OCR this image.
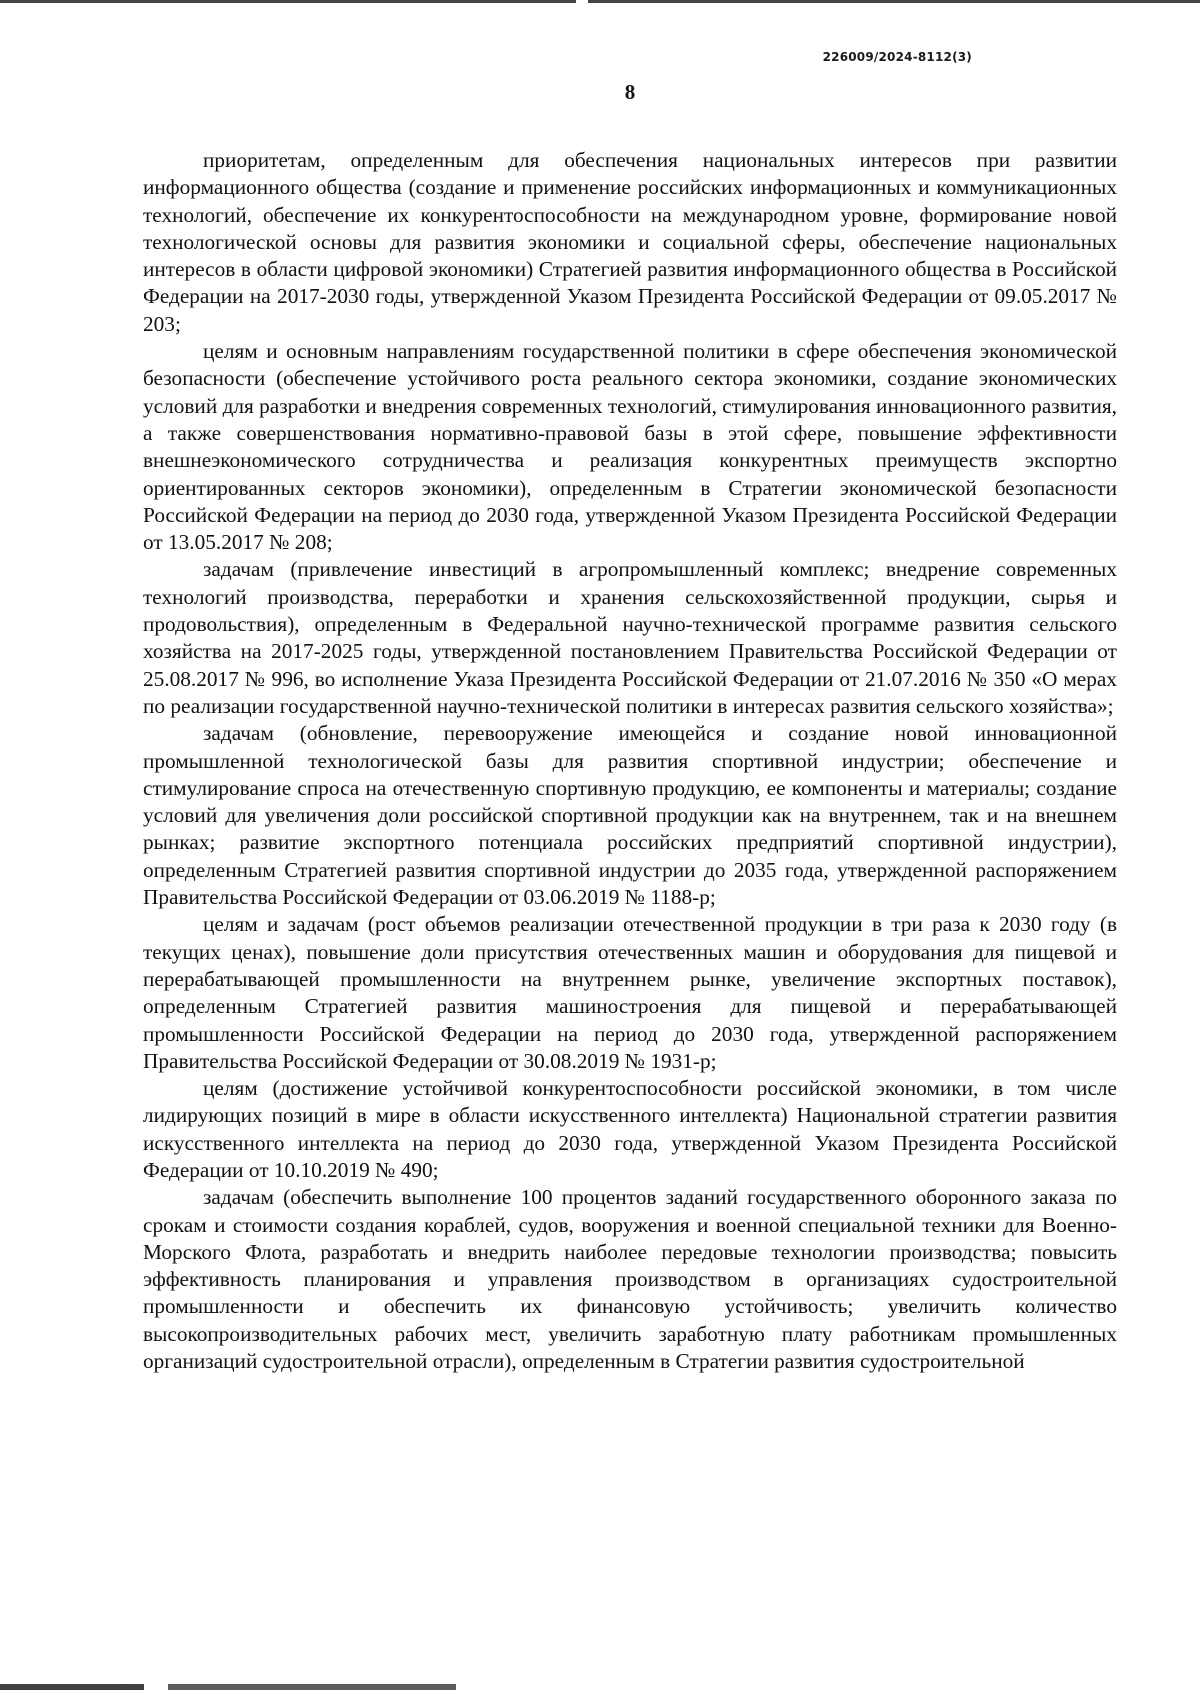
226009/2024-8112(3)
8

приоритетам, определенным для обеспечения национальных интересов при развитии информационного общества (создание и применение российских информационных и коммуникационных технологий, обеспечение их конкурентоспособности на международном уровне, формирование новой технологической основы для развития экономики и социальной сферы, обеспечение национальных интересов в области цифровой экономики) Стратегией развития информационного общества в Российской Федерации на 2017-2030 годы, утвержденной Указом Президента Российской Федерации от 09.05.2017 № 203;

целям и основным направлениям государственной политики в сфере обеспечения экономической безопасности (обеспечение устойчивого роста реального сектора экономики, создание экономических условий для разработки и внедрения современных технологий, стимулирования инновационного развития, а также совершенствования нормативно-правовой базы в этой сфере, повышение эффективности внешнеэкономического сотрудничества и реализация конкурентных преимуществ экспортно ориентированных секторов экономики), определенным в Стратегии экономической безопасности Российской Федерации на период до 2030 года, утвержденной Указом Президента Российской Федерации от 13.05.2017 № 208;

задачам (привлечение инвестиций в агропромышленный комплекс; внедрение современных технологий производства, переработки и хранения сельскохозяйственной продукции, сырья и продовольствия), определенным в Федеральной научно-технической программе развития сельского хозяйства на 2017-2025 годы, утвержденной постановлением Правительства Российской Федерации от 25.08.2017 № 996, во исполнение Указа Президента Российской Федерации от 21.07.2016 № 350 «О мерах по реализации государственной научно-технической политики в интересах развития сельского хозяйства»;

задачам (обновление, перевооружение имеющейся и создание новой инновационной промышленной технологической базы для развития спортивной индустрии; обеспечение и стимулирование спроса на отечественную спортивную продукцию, ее компоненты и материалы; создание условий для увеличения доли российской спортивной продукции как на внутреннем, так и на внешнем рынках; развитие экспортного потенциала российских предприятий спортивной индустрии), определенным Стратегией развития спортивной индустрии до 2035 года, утвержденной распоряжением Правительства Российской Федерации от 03.06.2019 № 1188-р;

целям и задачам (рост объемов реализации отечественной продукции в три раза к 2030 году (в текущих ценах), повышение доли присутствия отечественных машин и оборудования для пищевой и перерабатывающей промышленности на внутреннем рынке, увеличение экспортных поставок), определенным Стратегией развития машиностроения для пищевой и перерабатывающей промышленности Российской Федерации на период до 2030 года, утвержденной распоряжением Правительства Российской Федерации от 30.08.2019 № 1931-р;

целям (достижение устойчивой конкурентоспособности российской экономики, в том числе лидирующих позиций в мире в области искусственного интеллекта) Национальной стратегии развития искусственного интеллекта на период до 2030 года, утвержденной Указом Президента Российской Федерации от 10.10.2019 № 490;

задачам (обеспечить выполнение 100 процентов заданий государственного оборонного заказа по срокам и стоимости создания кораблей, судов, вооружения и военной специальной техники для Военно-Морского Флота, разработать и внедрить наиболее передовые технологии производства; повысить эффективность планирования и управления производством в организациях судостроительной промышленности и обеспечить их финансовую устойчивость; увеличить количество высокопроизводительных рабочих мест, увеличить заработную плату работникам промышленных организаций судостроительной отрасли), определенным в Стратегии развития судостроительной
